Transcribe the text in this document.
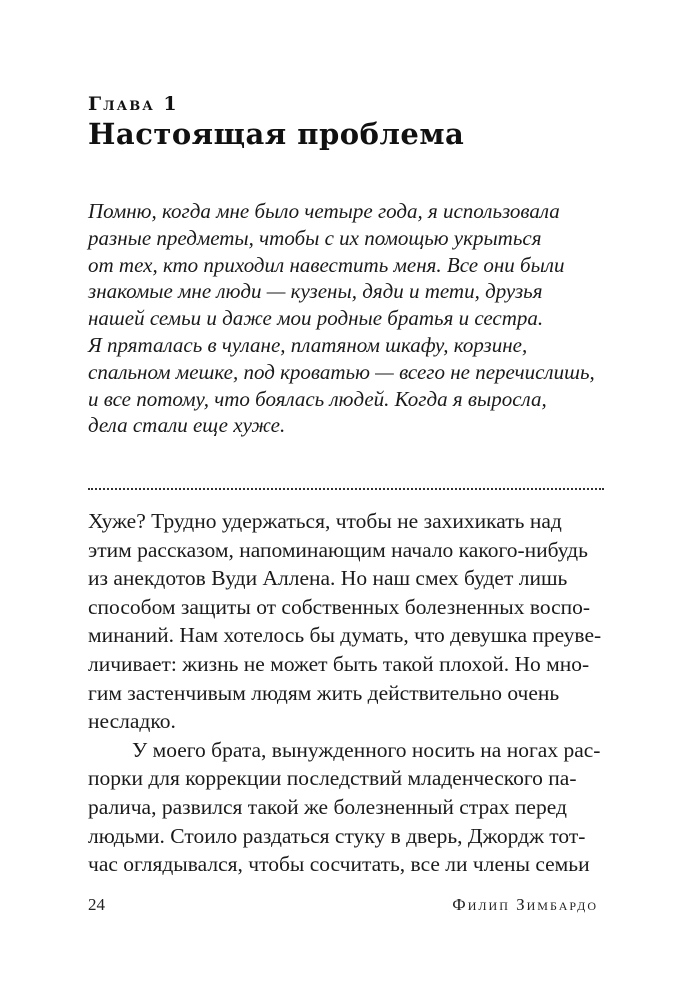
Глава 1
Настоящая проблема
Помню, когда мне было четыре года, я использовала
разные предметы, чтобы с их помощью укрыться
от тех, кто приходил навестить меня. Все они были
знакомые мне люди — кузены, дяди и тети, друзья
нашей семьи и даже мои родные братья и сестра.
Я пряталась в чулане, платяном шкафу, корзине,
спальном мешке, под кроватью — всего не перечислишь,
и все потому, что боялась людей. Когда я выросла,
дела стали еще хуже.
Хуже? Трудно удержаться, чтобы не захихикать над
этим рассказом, напоминающим начало какого-нибудь
из анекдотов Вуди Аллена. Но наш смех будет лишь
способом защиты от собственных болезненных воспо-
минаний. Нам хотелось бы думать, что девушка преуве-
личивает: жизнь не может быть такой плохой. Но мно-
гим застенчивым людям жить действительно очень
несладко.
У моего брата, вынужденного носить на ногах рас-
порки для коррекции последствий младенческого па-
ралича, развился такой же болезненный страх перед
людьми. Стоило раздаться стуку в дверь, Джордж тот-
час оглядывался, чтобы сосчитать, все ли члены семьи
24	Филип Зимбардо
